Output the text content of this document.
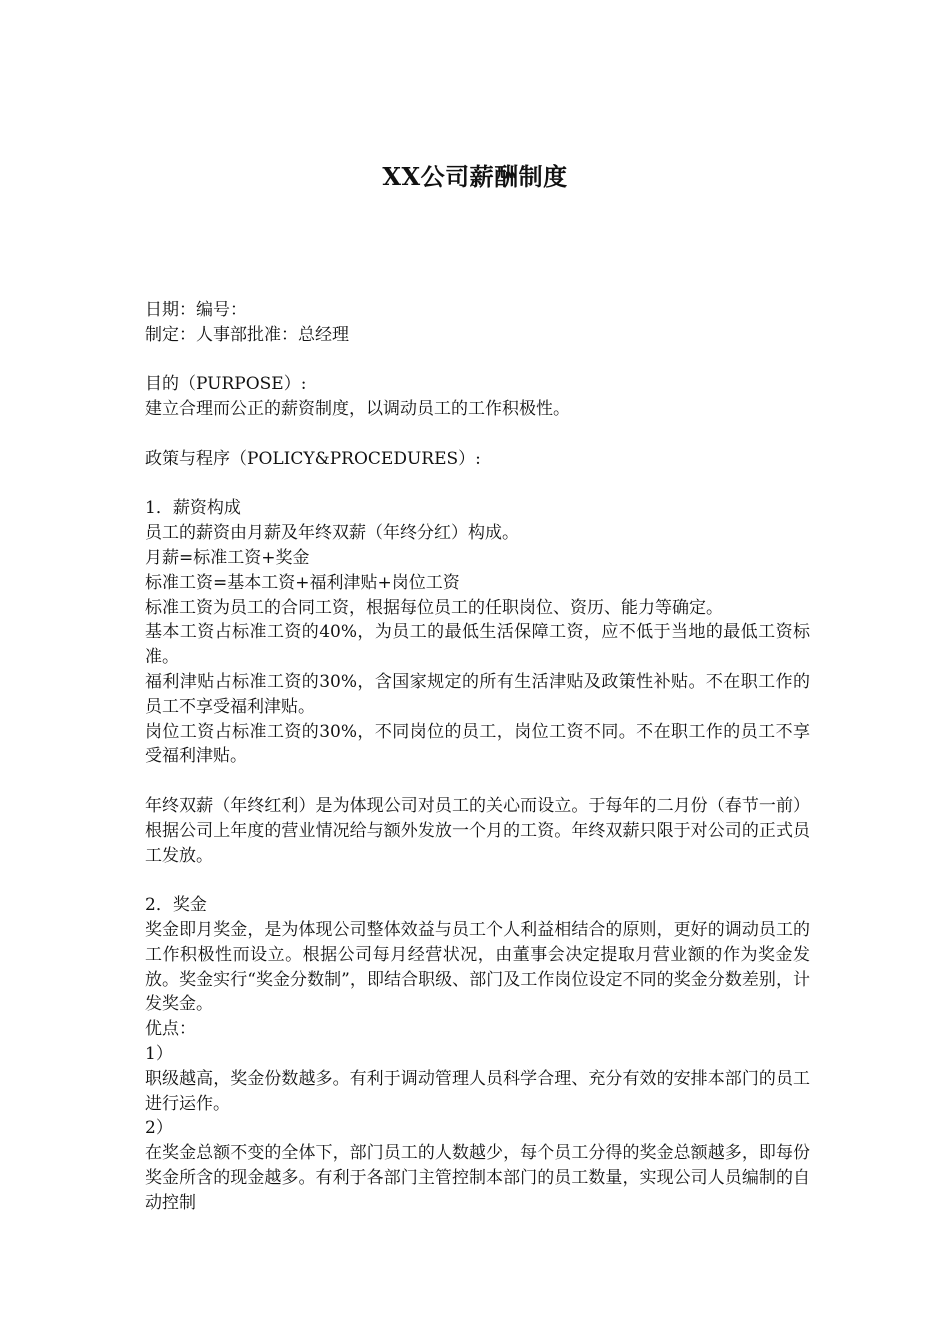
XX公司薪酬制度
日期：编号：
制定：人事部批准：总经理
目的（PURPOSE）:
建立合理而公正的薪资制度，以调动员工的工作积极性。
政策与程序（POLICY&PROCEDURES）:
1．薪资构成
员工的薪资由月薪及年终双薪（年终分红）构成。
月薪=标准工资+奖金
标准工资=基本工资+福利津贴+岗位工资
标准工资为员工的合同工资，根据每位员工的任职岗位、资历、能力等确定。
基本工资占标准工资的40%，为员工的最低生活保障工资，应不低于当地的最低工资标准。
福利津贴占标准工资的30%，含国家规定的所有生活津贴及政策性补贴。不在职工作的员工不享受福利津贴。
岗位工资占标准工资的30%，不同岗位的员工，岗位工资不同。不在职工作的员工不享受福利津贴。
年终双薪（年终红利）是为体现公司对员工的关心而设立。于每年的二月份（春节一前）根据公司上年度的营业情况给与额外发放一个月的工资。年终双薪只限于对公司的正式员工发放。
2．奖金
奖金即月奖金，是为体现公司整体效益与员工个人利益相结合的原则，更好的调动员工的工作积极性而设立。根据公司每月经营状况，由董事会决定提取月营业额的作为奖金发放。奖金实行“奖金分数制”，即结合职级、部门及工作岗位设定不同的奖金分数差别，计发奖金。
优点：
1）
职级越高，奖金份数越多。有利于调动管理人员科学合理、充分有效的安排本部门的员工进行运作。
2）
在奖金总额不变的全体下，部门员工的人数越少，每个员工分得的奖金总额越多，即每份奖金所含的现金越多。有利于各部门主管控制本部门的员工数量，实现公司人员编制的自动控制
